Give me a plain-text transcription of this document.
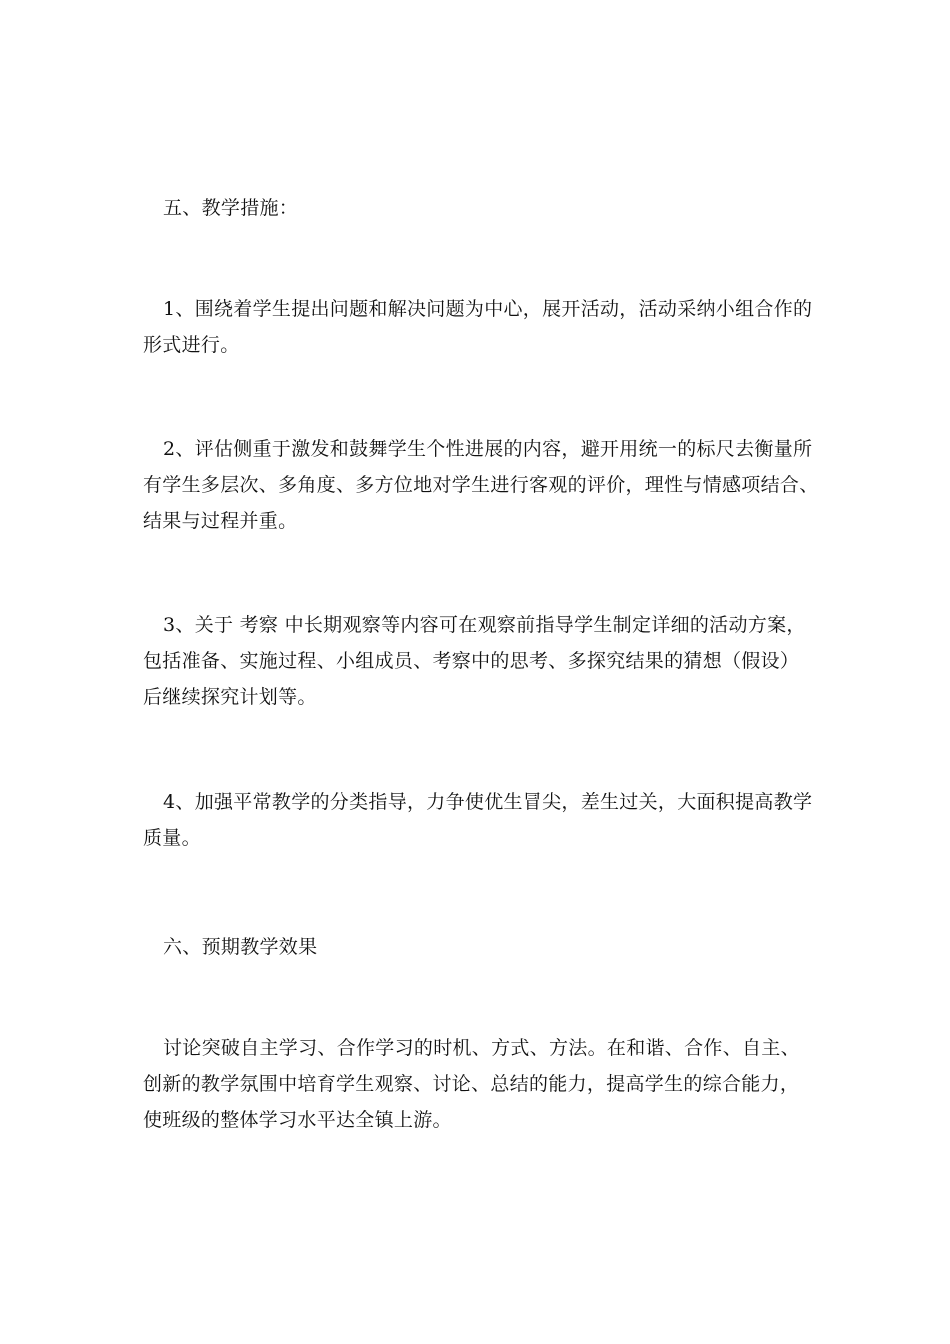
五、教学措施：

1、围绕着学生提出问题和解决问题为中心，展开活动，活动采纳小组合作的
形式进行。

2、评估侧重于激发和鼓舞学生个性进展的内容，避开用统一的标尺去衡量所
有学生多层次、多角度、多方位地对学生进行客观的评价，理性与情感项结合、
结果与过程并重。

3、关于 考察 中长期观察等内容可在观察前指导学生制定详细的活动方案，
包括准备、实施过程、小组成员、考察中的思考、多探究结果的猜想（假设）
后继续探究计划等。

4、加强平常教学的分类指导，力争使优生冒尖，差生过关，大面积提高教学
质量。

六、预期教学效果

讨论突破自主学习、合作学习的时机、方式、方法。在和谐、合作、自主、
创新的教学氛围中培育学生观察、讨论、总结的能力，提高学生的综合能力，
使班级的整体学习水平达全镇上游。
